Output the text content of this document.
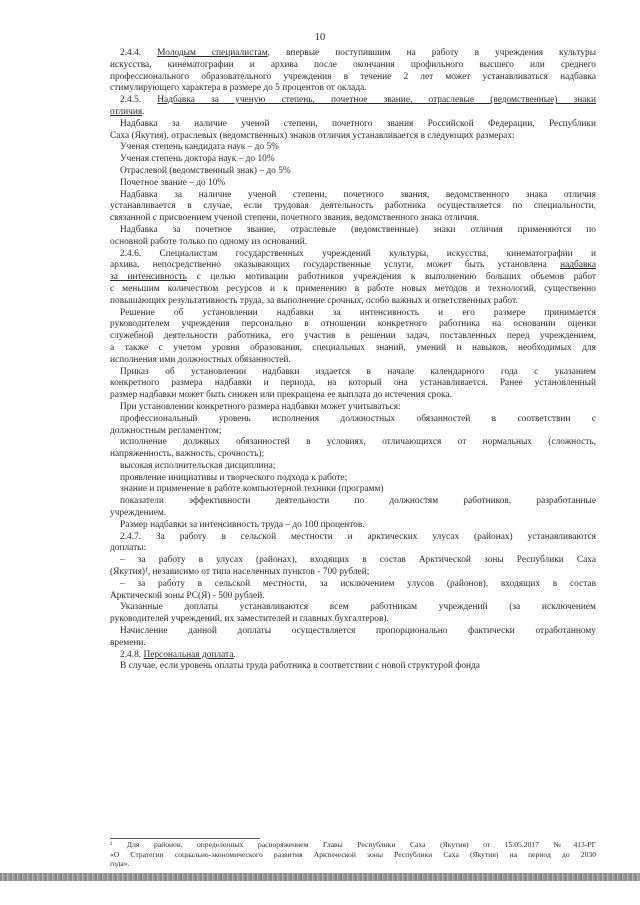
10

2.4.4. Молодым специалистам, впервые поступившим на работу в учреждения культуры

искусства, кинематографии и архива после окончания профильного высшего или среднего

профессионального образовательного учреждения в течение 2 лет может устанавливаться надбавка

стимулирующего характера в размере до 5 процентов от оклада.

2.4.5. Надбавка за ученую степень, почетное звание, отраслевые (ведомственные) знаки

отличия.

Надбавка за наличие ученой степени, почетного звания Российской Федерации, Республики

Саха (Якутия), отраслевых (ведомственных) знаков отличия устанавливается в следующих размерах:

Ученая степень кандидата наук – до 5%

Ученая степень доктора наук – до 10%

Отраслевой (ведомственный знак) – до 5%

Почетное звание – до 10%

Надбавка за наличие ученой степени, почетного звания, ведомственного знака отличия

устанавливается в случае, если трудовая деятельность работника осуществляется по специальности,

связанной с присвоением ученой степени, почетного звания, ведомственного знака отличия.

Надбавка за почетное звание, отраслевые (ведомственные) знаки отличия применяются по

основной работе только по одному из оснований.

2.4.6. Специалистам государственных учреждений культуры, искусства, кинематографии и

архива, непосредственно оказывающих государственные услуги, может быть установлена надбавка

за интенсивность с целью мотивации работников учреждения к выполнению больших объемов работ

с меньшим количеством ресурсов и к применению в работе новых методов и технологий, существенно

повышающих результативность труда, за выполнение срочных, особо важных и ответственных работ.

Решение об установлении надбавки за интенсивность и его размере принимается

руководителем учреждения персонально в отношении конкретного работника на основании оценки

служебной деятельности работника, его участия в решении задач, поставленных перед учреждением,

а также с учетом уровня образования, специальных знаний, умений и навыков, необходимых для

исполнения ими должностных обязанностей.

Приказ об установлении надбавки издается в начале календарного года с указанием

конкретного размера надбавки и периода, на который она устанавливается. Ранее установленный

размер надбавки может быть снижен или прекращена ее выплата до истечения срока.

При установлении конкретного размера надбавки может учитываться:

профессиональный уровень исполнения должностных обязанностей в соответствии с

должностным регламентом;

исполнение должных обязанностей в условиях, отличающихся от нормальных (сложность,

напряженность, важность, срочность);

высокая исполнительская дисциплина;

проявление инициативы и творческого подхода к работе;

знание и применение в работе компьютерной техники (программ)

показатели эффективности деятельности по должностям работников, разработанные

учреждением.

Размер надбавки за интенсивность труда – до 100 процентов.

2.4.7. За работу в сельской местности и арктических улусах (районах) устанавливаются

доплаты:

– за работу в улусах (районах), входящих в состав Арктической зоны Республики Саха

(Якутия)¹, независимо от типа населенных пунктов - 700 рублей;

– за работу в сельской местности, за исключением улусов (районов), входящих в состав

Арктической зоны РС(Я) - 500 рублей.

Указанные доплаты устанавливаются всем работникам учреждений (за исключением

руководителей учреждений, их заместителей и главных бухгалтеров).

Начисление данной доплаты осуществляется пропорционально фактически отработанному

времени.

2.4.8. Персональная доплата.

В случае, если уровень оплаты труда работника в соответствии с новой структурой фонда

¹ Для районов, определенных распоряжением Главы Республики Саха (Якутия) от 15.05.2017 №413-РГ

«О Стратегии социально-экономического развития Арктической зоны Республики Саха (Якутия) на период до 2030

года».
